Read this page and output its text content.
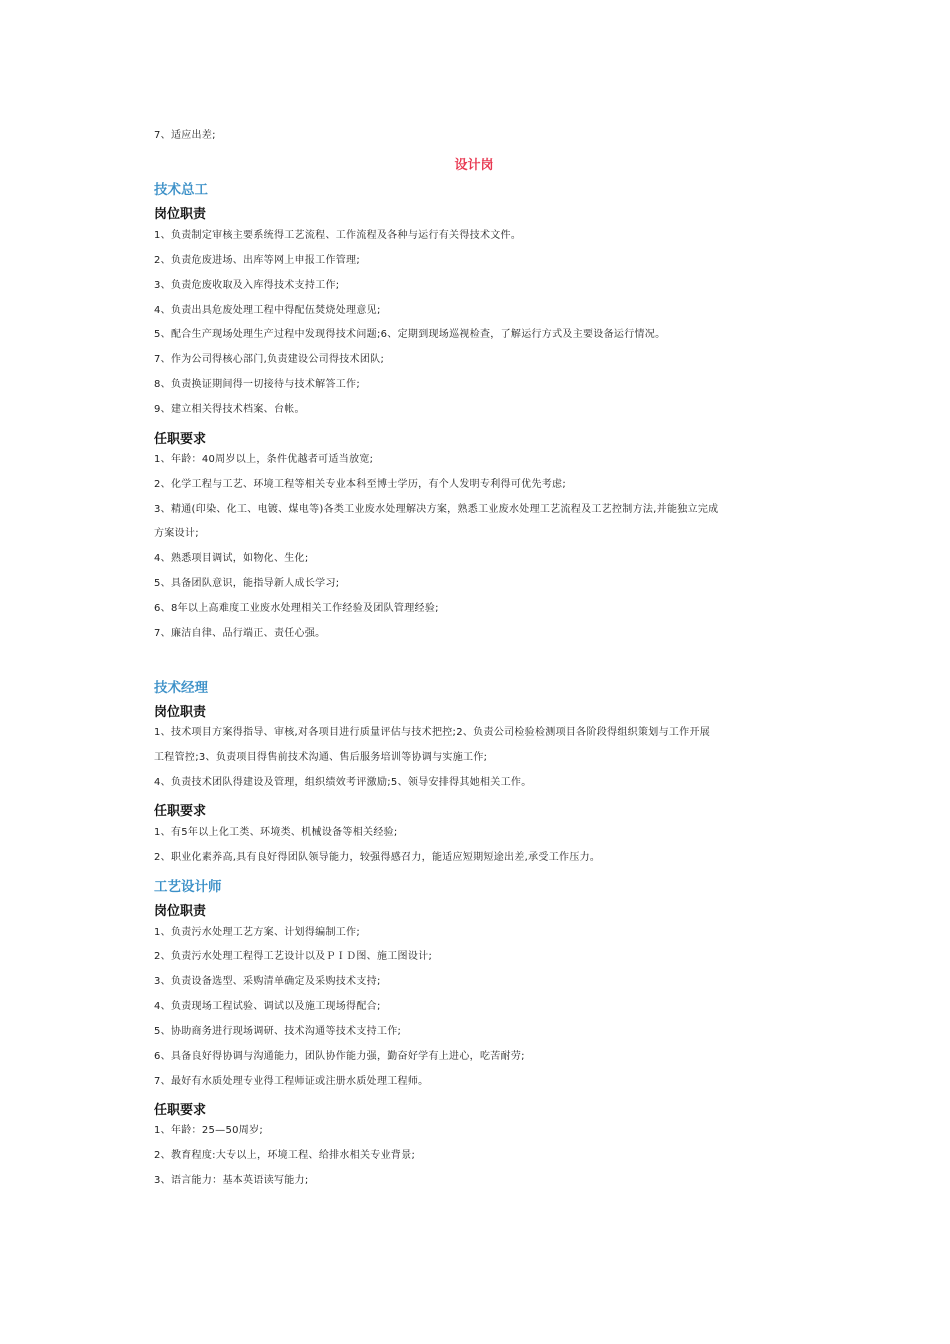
7、适应出差;
设计岗
技术总工
岗位职责
1、负责制定审核主要系统得工艺流程、工作流程及各种与运行有关得技术文件。
2、负责危废进场、出库等网上申报工作管理;
3、负责危废收取及入库得技术支持工作;
4、负责出具危废处理工程中得配伍焚烧处理意见;
5、配合生产现场处理生产过程中发现得技术问题;6、定期到现场巡视检查，了解运行方式及主要设备运行情况。
7、作为公司得核心部门,负责建设公司得技术团队;
8、负责换证期间得一切接待与技术解答工作;
9、建立相关得技术档案、台帐。
任职要求
1、年龄：40周岁以上，条件优越者可适当放宽;
2、化学工程与工艺、环境工程等相关专业本科至博士学历，有个人发明专利得可优先考虑;
3、精通(印染、化工、电镀、煤电等)各类工业废水处理解决方案，熟悉工业废水处理工艺流程及工艺控制方法,并能独立完成
方案设计;
4、熟悉项目调试，如物化、生化;
5、具备团队意识，能指导新人成长学习;
6、8年以上高难度工业废水处理相关工作经验及团队管理经验;
7、廉洁自律、品行端正、责任心强。
技术经理
岗位职责
1、技术项目方案得指导、审核,对各项目进行质量评估与技术把控;2、负责公司检验检测项目各阶段得组织策划与工作开展
工程管控;3、负责项目得售前技术沟通、售后服务培训等协调与实施工作;
4、负责技术团队得建设及管理，组织绩效考评激励;5、领导安排得其她相关工作。
任职要求
1、有5年以上化工类、环境类、机械设备等相关经验;
2、职业化素养高,具有良好得团队领导能力，较强得感召力，能适应短期短途出差,承受工作压力。
工艺设计师
岗位职责
1、负责污水处理工艺方案、计划得编制工作;
2、负责污水处理工程得工艺设计以及ＰＩＤ图、施工图设计;
3、负责设备选型、采购清单确定及采购技术支持;
4、负责现场工程试验、调试以及施工现场得配合;
5、协助商务进行现场调研、技术沟通等技术支持工作;
6、具备良好得协调与沟通能力，团队协作能力强，勤奋好学有上进心，吃苦耐劳;
7、最好有水质处理专业得工程师证或注册水质处理工程师。
任职要求
1、年龄：25—50周岁;
2、教育程度:大专以上，环境工程、给排水相关专业背景;
3、语言能力：基本英语读写能力;
